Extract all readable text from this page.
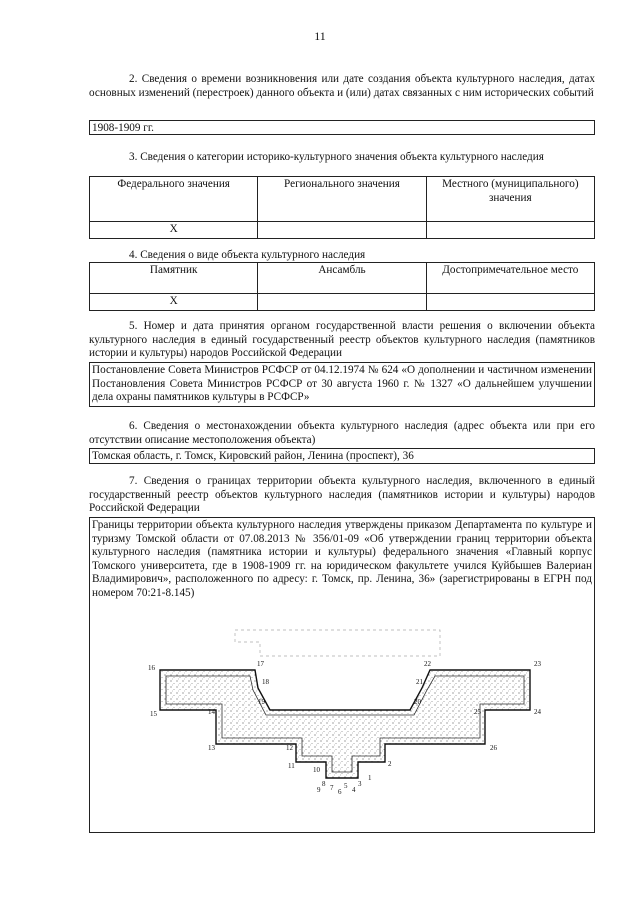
11
2. Сведения о времени возникновения или дате создания объекта культурного наследия, датах основных изменений (перестроек) данного объекта и (или) датах связанных с ним исторических событий
1908-1909 гг.
3. Сведения о категории историко-культурного значения объекта культурного наследия
Федерального значения	Регионального значения	Местного (муниципального) значения
X		
4. Сведения о виде объекта культурного наследия
Памятник	Ансамбль	Достопримечательное место
X		
5. Номер и дата принятия органом государственной власти решения о включении объекта культурного наследия в единый государственный реестр объектов культурного наследия (памятников истории и культуры) народов Российской Федерации
Постановление Совета Министров РСФСР от 04.12.1974 № 624 «О дополнении и частичном изменении Постановления Совета Министров РСФСР от 30 августа 1960 г. № 1327 «О дальнейшем улучшении дела охраны памятников культуры в РСФСР»
6. Сведения о местонахождении объекта культурного наследия (адрес объекта или при его отсутствии описание местоположения объекта)
Томская область, г. Томск, Кировский район, Ленина (проспект), 36
7. Сведения о границах территории объекта культурного наследия, включенного в единый государственный реестр объектов культурного наследия (памятников истории и культуры) народов Российской Федерации
Границы территории объекта культурного наследия утверждены приказом Департамента по культуре и туризму Томской области от 07.08.2013 № 356/01-09 «Об утверждении границ территории объекта культурного наследия (памятника истории и культуры) федерального значения «Главный корпус Томского университета, где в 1908-1909 гг. на юридическом факультете учился Куйбышев Валериан Владимирович», расположенного по адресу: г. Томск, пр. Ленина, 36» (зарегистрированы в ЕГРН под номером 70:21-8.145)
1
2
3
4
5
6
7
8
9
10
11
12
13
14
15
16	17
18
19	20
21
22	23
24
25
26
